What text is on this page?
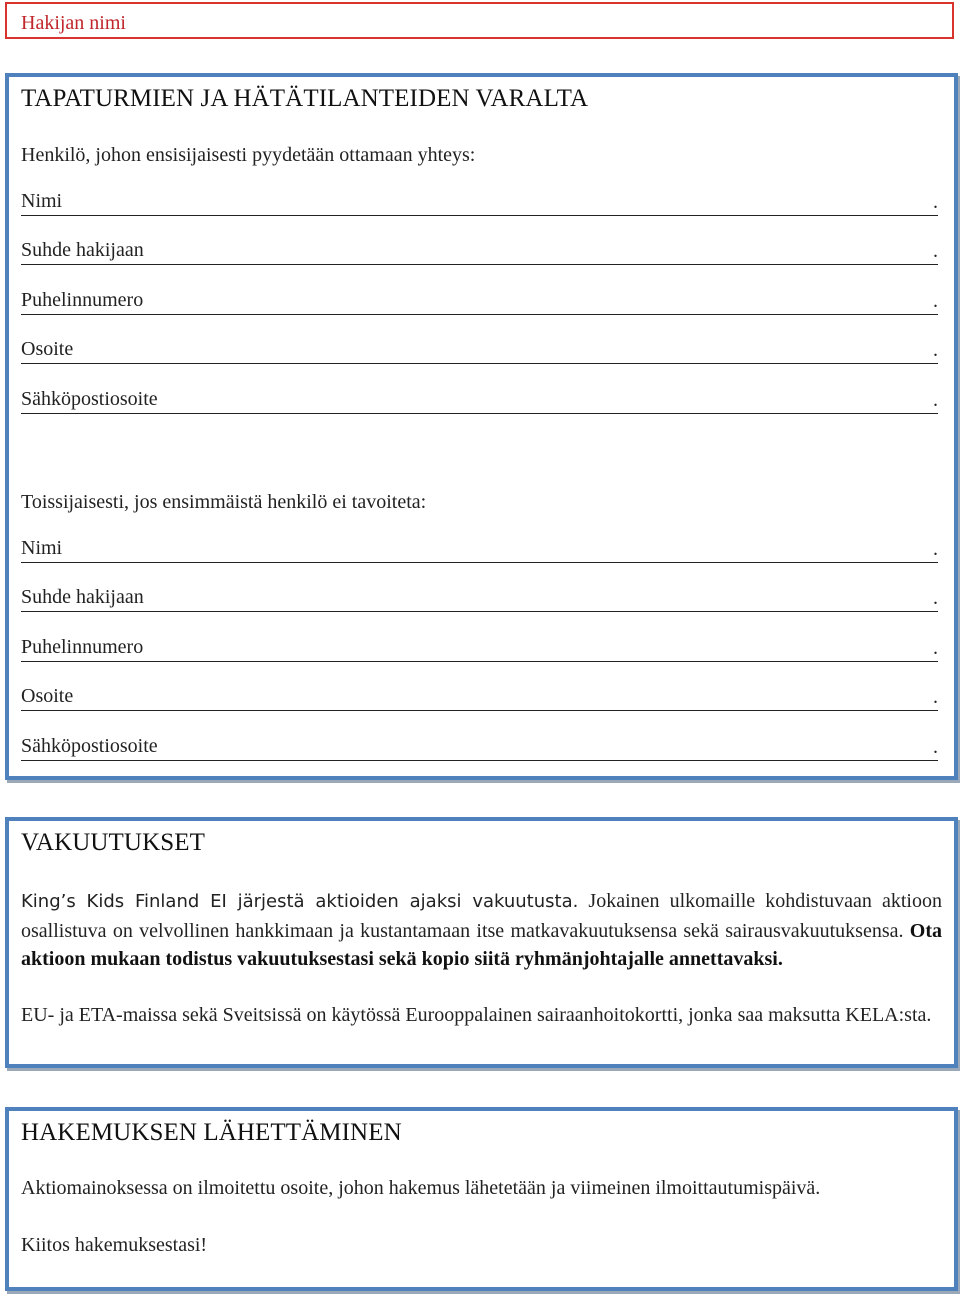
Hakijan nimi
TAPATURMIEN JA HÄTÄTILANTEIDEN VARALTA
Henkilö, johon ensisijaisesti pyydetään ottamaan yhteys:
Nimi	.
Suhde hakijaan	.
Puhelinnumero	.
Osoite	.
Sähköpostiosoite	.
Toissijaisesti, jos ensimmäistä henkilö ei tavoiteta:
Nimi	.
Suhde hakijaan	.
Puhelinnumero	.
Osoite	.
Sähköpostiosoite	.
VAKUUTUKSET
King’s Kids Finland EI järjestä aktioiden ajaksi vakuutusta. Jokainen ulkomaille kohdistuvaan aktioon osallistuva on velvollinen hankkimaan ja kustantamaan itse matkavakuutuksensa sekä sairausvakuutuksensa. Ota aktioon mukaan todistus vakuutuksestasi sekä kopio siitä ryhmänjohtajalle annettavaksi.
EU- ja ETA-maissa sekä Sveitsissä on käytössä Eurooppalainen sairaanhoitokortti, jonka saa maksutta KELA:sta.
HAKEMUKSEN LÄHETTÄMINEN
Aktiomainoksessa on ilmoitettu osoite, johon hakemus lähetetään ja viimeinen ilmoittautumispäivä.
Kiitos hakemuksestasi!
